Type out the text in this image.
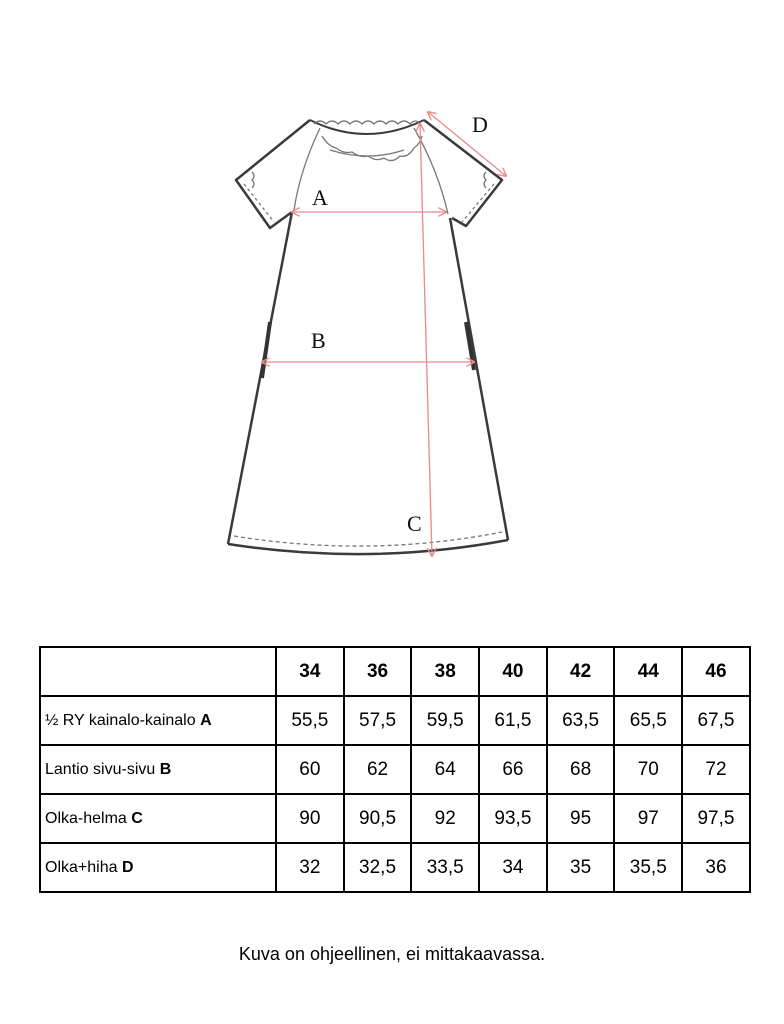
A
B
C
D
	34	36	38	40	42	44	46
½ RY kainalo-kainalo A	55,5	57,5	59,5	61,5	63,5	65,5	67,5
Lantio sivu-sivu B	60	62	64	66	68	70	72
Olka-helma C	90	90,5	92	93,5	95	97	97,5
Olka+hiha D	32	32,5	33,5	34	35	35,5	36
Kuva on ohjeellinen, ei mittakaavassa.
